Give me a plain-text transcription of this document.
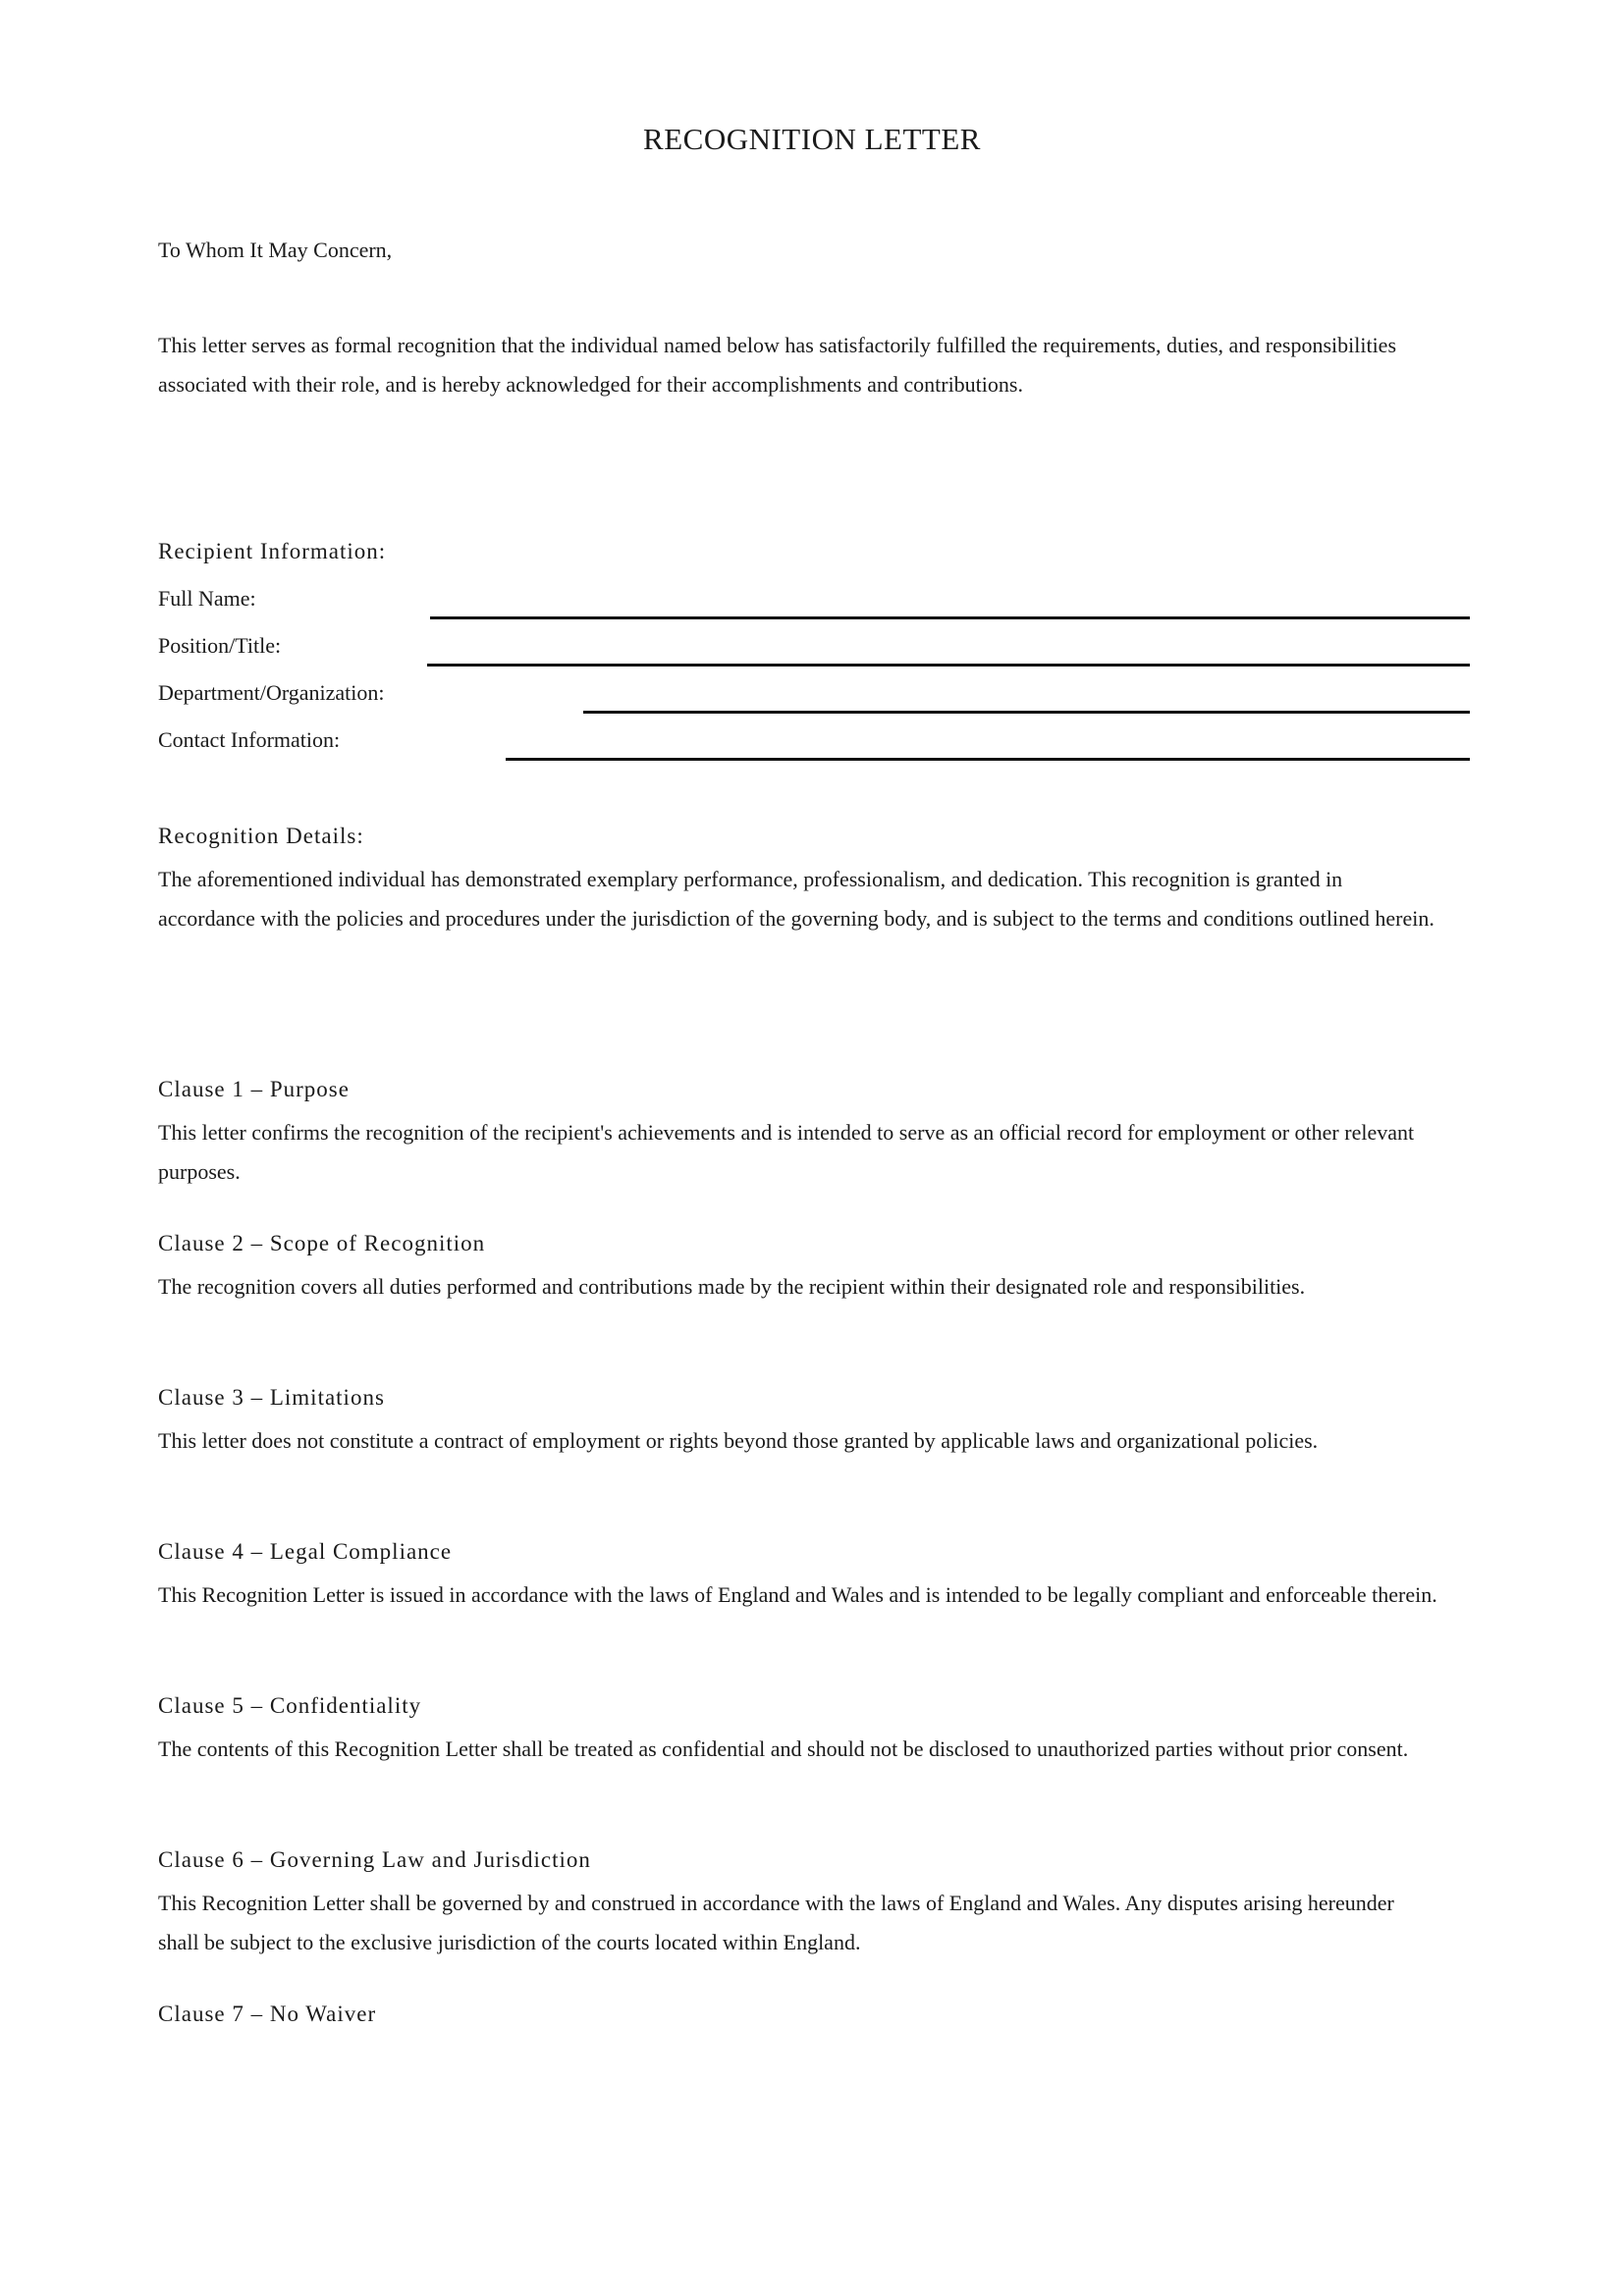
RECOGNITION LETTER

To Whom It May Concern,

This letter serves as formal recognition that the individual named below has satisfactorily fulfilled the requirements, duties, and responsibilities associated with their role, and is hereby acknowledged for their accomplishments and contributions.

Recipient Information:
Full Name:
Position/Title:
Department/Organization:
Contact Information:
Recognition Details:

The aforementioned individual has demonstrated exemplary performance, professionalism, and dedication. This recognition is granted in accordance with the policies and procedures under the jurisdiction of the governing body, and is subject to the terms and conditions outlined herein.

Clause 1 – Purpose

This letter confirms the recognition of the recipient's achievements and is intended to serve as an official record for employment or other relevant purposes.

Clause 2 – Scope of Recognition

The recognition covers all duties performed and contributions made by the recipient within their designated role and responsibilities.

Clause 3 – Limitations

This letter does not constitute a contract of employment or rights beyond those granted by applicable laws and organizational policies.

Clause 4 – Legal Compliance

This Recognition Letter is issued in accordance with the laws of England and Wales and is intended to be legally compliant and enforceable therein.

Clause 5 – Confidentiality

The contents of this Recognition Letter shall be treated as confidential and should not be disclosed to unauthorized parties without prior consent.

Clause 6 – Governing Law and Jurisdiction

This Recognition Letter shall be governed by and construed in accordance with the laws of England and Wales. Any disputes arising hereunder shall be subject to the exclusive jurisdiction of the courts located within England.

Clause 7 – No Waiver
